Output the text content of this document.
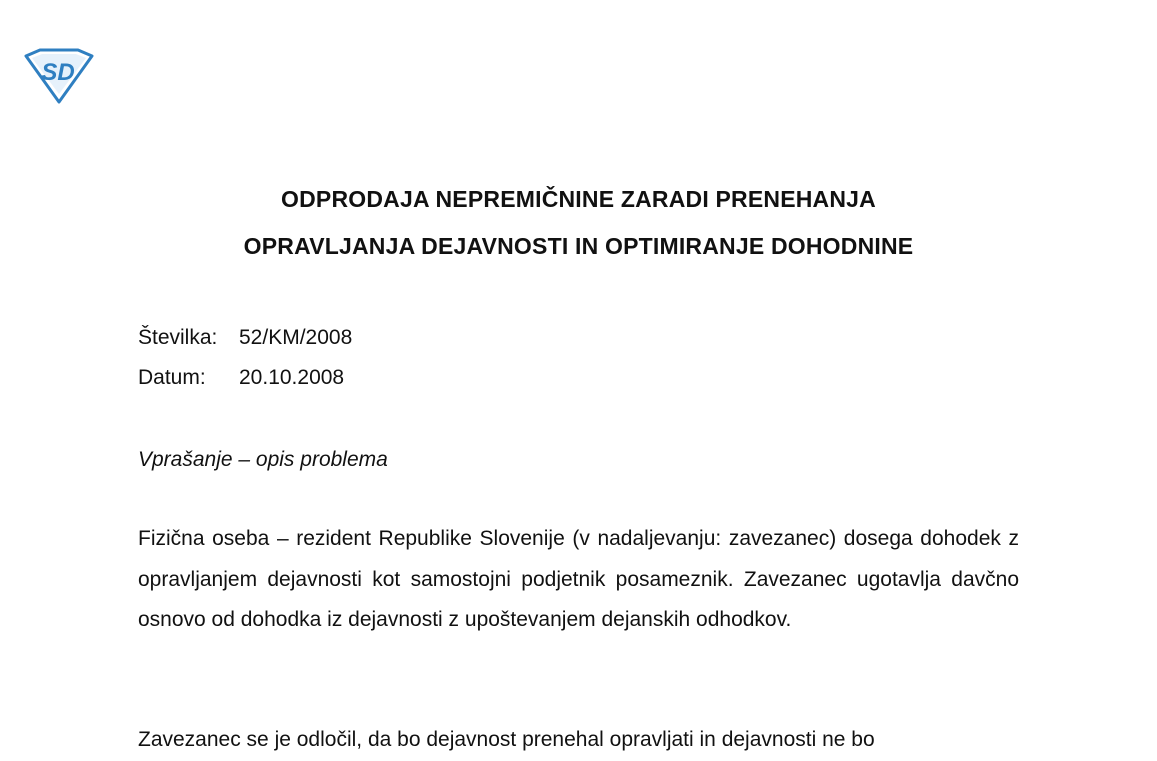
SD
ODPRODAJA NEPREMIČNINE ZARADI PRENEHANJA
OPRAVLJANJA DEJAVNOSTI IN OPTIMIRANJE DOHODNINE
Številka: 52/KM/2008
Datum: 20.10.2008
Vprašanje – opis problema
Fizična oseba – rezident Republike Slovenije (v nadaljevanju: zavezanec) dosega dohodek z opravljanjem dejavnosti kot samostojni podjetnik posameznik. Zavezanec ugotavlja davčno osnovo od dohodka iz dejavnosti z upoštevanjem dejanskih odhodkov.
Zavezanec se je odločil, da bo dejavnost prenehal opravljati in dejavnosti ne bo
